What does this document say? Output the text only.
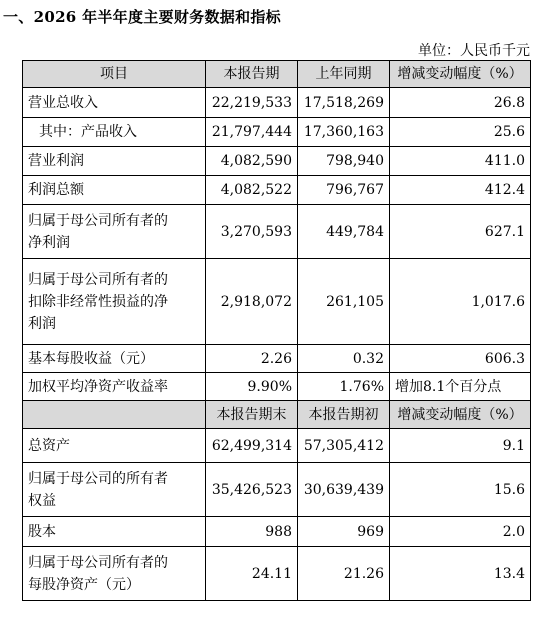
一、2026 年半年度主要财务数据和指标
单位：人民币千元
项目	本报告期	上年同期	增减变动幅度（%）
营业总收入	22,219,533	17,518,269	26.8
其中：产品收入	21,797,444	17,360,163	25.6
营业利润	4,082,590	798,940	411.0
利润总额	4,082,522	796,767	412.4
归属于母公司所有者的
净利润	3,270,593	449,784	627.1
归属于母公司所有者的
扣除非经常性损益的净
利润	2,918,072	261,105	1,017.6
基本每股收益（元）	2.26	0.32	606.3
加权平均净资产收益率	9.90%	1.76%	增加8.1个百分点
	本报告期末	本报告期初	增减变动幅度（%）
总资产	62,499,314	57,305,412	9.1
归属于母公司的所有者
权益	35,426,523	30,639,439	15.6
股本	988	969	2.0
归属于母公司所有者的
每股净资产（元）	24.11	21.26	13.4
